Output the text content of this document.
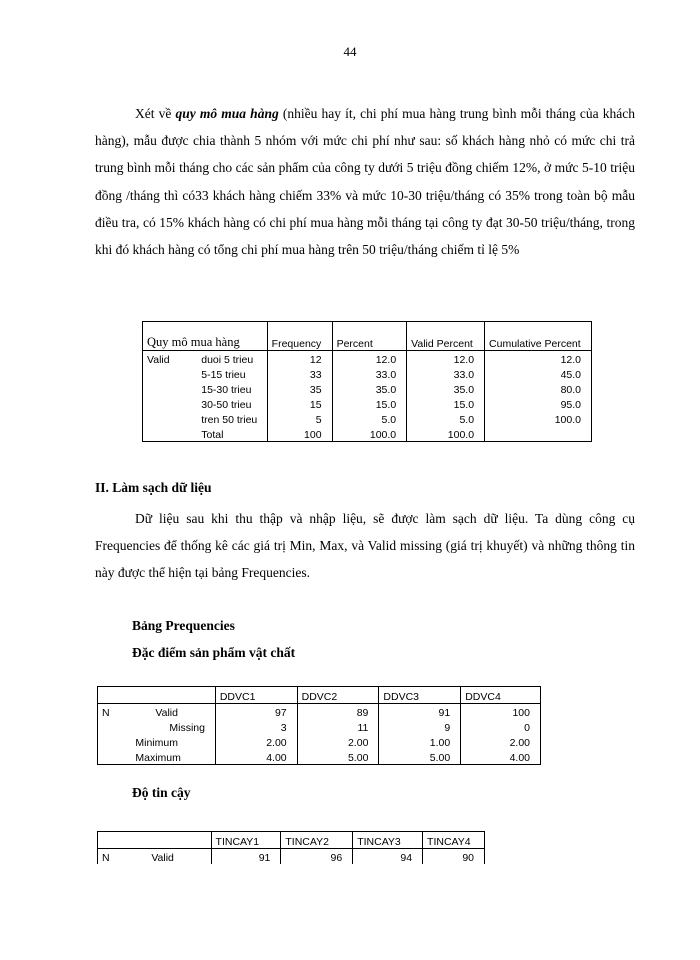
44
Xét về quy mô mua hàng (nhiều hay ít, chi phí mua hàng trung bình mỗi tháng của khách hàng), mẫu được chia thành 5 nhóm với mức chi phí như sau: số khách hàng nhỏ có mức chi trả trung bình mỗi tháng cho các sản phẩm của công ty dưới 5 triệu đồng chiếm 12%, ở mức 5-10 triệu đồng /tháng thì có33 khách hàng chiếm 33% và mức 10-30 triệu/tháng có 35% trong toàn bộ mẫu điều tra, có 15% khách hàng có chi phí mua hàng mỗi tháng tại công ty đạt 30-50 triệu/tháng, trong khi đó khách hàng có tổng chi phí mua hàng trên 50 triệu/tháng chiếm tỉ lệ 5%
Quy mô mua hàng		Frequency	Percent	Valid Percent	Cumulative Percent
Valid	duoi 5 trieu	12	12.0	12.0	12.0
	5-15 trieu	33	33.0	33.0	45.0
	15-30 trieu	35	35.0	35.0	80.0
	30-50 trieu	15	15.0	15.0	95.0
	tren 50 trieu	5	5.0	5.0	100.0
	Total	100	100.0	100.0	
II. Làm sạch dữ liệu
Dữ liệu sau khi thu thập và nhập liệu, sẽ được làm sạch dữ liệu. Ta dùng công cụ Frequencies để thống kê các giá trị Min, Max, và Valid missing (giá trị khuyết) và những thông tin này được thể hiện tại bảng Frequencies.
Bảng Prequencies
Đặc điểm sản phẩm vật chất
		DDVC1	DDVC2	DDVC3	DDVC4
N	Valid	97	89	91	100
	Missing	3	11	9	0
	Minimum	2.00	2.00	1.00	2.00
	Maximum	4.00	5.00	5.00	4.00
Độ tin cậy
		TINCAY1	TINCAY2	TINCAY3	TINCAY4
N	Valid	91	96	94	90
